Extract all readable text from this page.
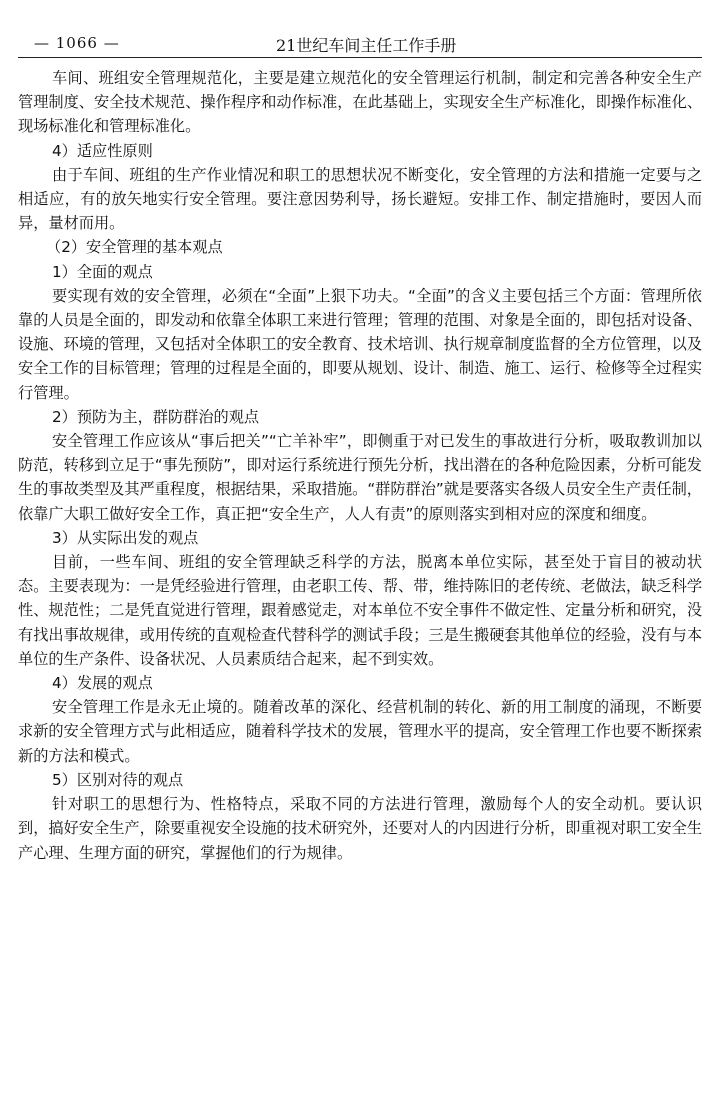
— 1066 —	21世纪车间主任工作手册

车间、班组安全管理规范化，主要是建立规范化的安全管理运行机制，制定和完善各种安全生产管理制度、安全技术规范、操作程序和动作标准，在此基础上，实现安全生产标准化，即操作标准化、现场标准化和管理标准化。

4）适应性原则

由于车间、班组的生产作业情况和职工的思想状况不断变化，安全管理的方法和措施一定要与之相适应，有的放矢地实行安全管理。要注意因势利导，扬长避短。安排工作、制定措施时，要因人而异，量材而用。

（2）安全管理的基本观点

1）全面的观点

要实现有效的安全管理，必须在“全面”上狠下功夫。“全面”的含义主要包括三个方面：管理所依靠的人员是全面的，即发动和依靠全体职工来进行管理；管理的范围、对象是全面的，即包括对设备、设施、环境的管理，又包括对全体职工的安全教育、技术培训、执行规章制度监督的全方位管理，以及安全工作的目标管理；管理的过程是全面的，即要从规划、设计、制造、施工、运行、检修等全过程实行管理。

2）预防为主，群防群治的观点

安全管理工作应该从“事后把关”“亡羊补牢”，即侧重于对已发生的事故进行分析，吸取教训加以防范，转移到立足于“事先预防”，即对运行系统进行预先分析，找出潜在的各种危险因素，分析可能发生的事故类型及其严重程度，根据结果，采取措施。“群防群治”就是要落实各级人员安全生产责任制，依靠广大职工做好安全工作，真正把“安全生产，人人有责”的原则落实到相对应的深度和细度。

3）从实际出发的观点

目前，一些车间、班组的安全管理缺乏科学的方法，脱离本单位实际，甚至处于盲目的被动状态。主要表现为：一是凭经验进行管理，由老职工传、帮、带，维持陈旧的老传统、老做法，缺乏科学性、规范性；二是凭直觉进行管理，跟着感觉走，对本单位不安全事件不做定性、定量分析和研究，没有找出事故规律，或用传统的直观检查代替科学的测试手段；三是生搬硬套其他单位的经验，没有与本单位的生产条件、设备状况、人员素质结合起来，起不到实效。

4）发展的观点

安全管理工作是永无止境的。随着改革的深化、经营机制的转化、新的用工制度的涌现，不断要求新的安全管理方式与此相适应，随着科学技术的发展，管理水平的提高，安全管理工作也要不断探索新的方法和模式。

5）区别对待的观点

针对职工的思想行为、性格特点，采取不同的方法进行管理，激励每个人的安全动机。要认识到，搞好安全生产，除要重视安全设施的技术研究外，还要对人的内因进行分析，即重视对职工安全生产心理、生理方面的研究，掌握他们的行为规律。
